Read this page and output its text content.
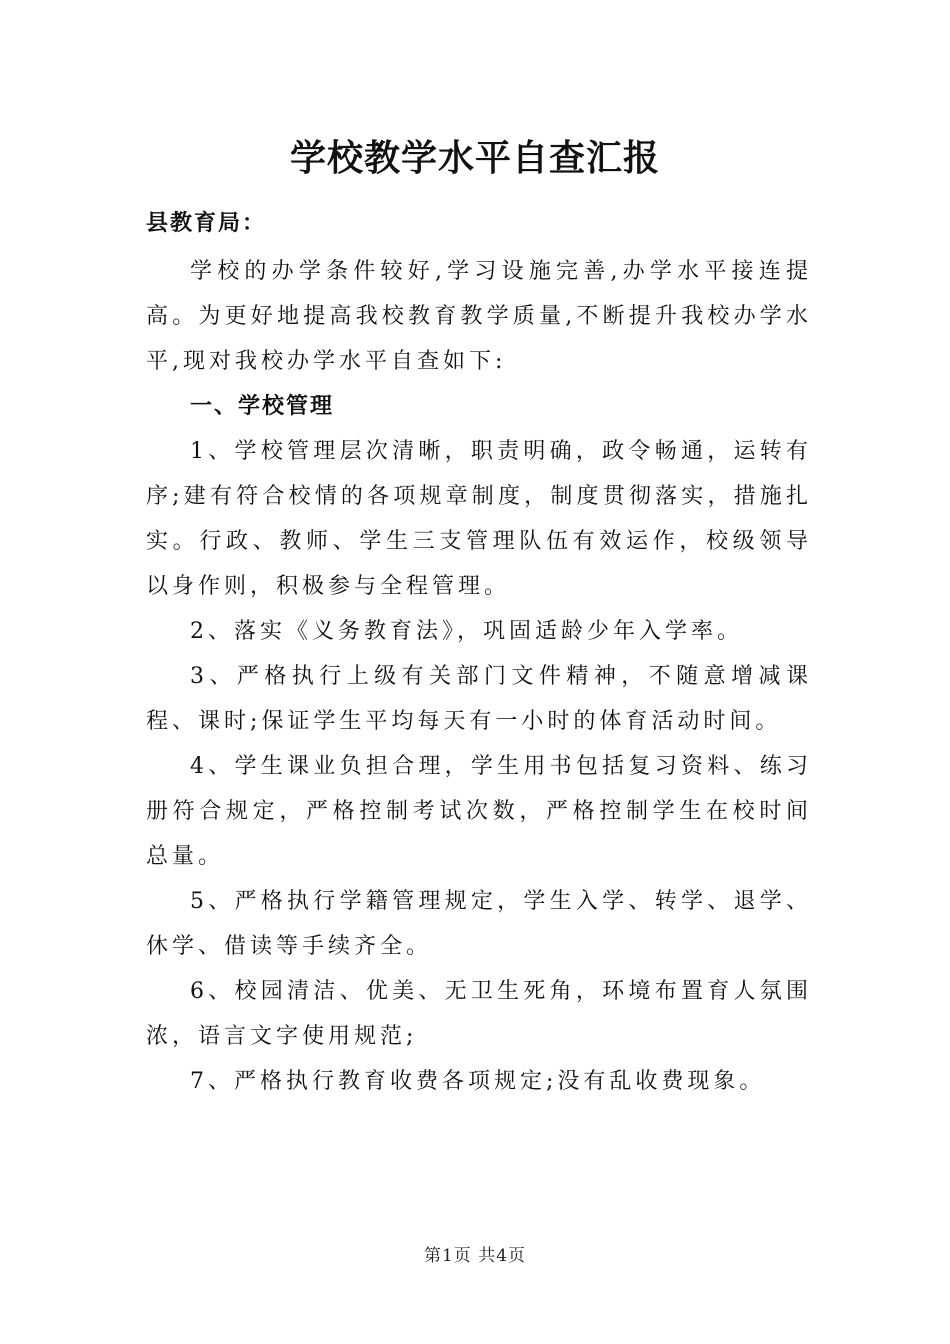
学校教学水平自查汇报
县教育局：

学校的办学条件较好,学习设施完善,办学水平接连提高。为更好地提高我校教育教学质量,不断提升我校办学水平,现对我校办学水平自查如下:

一、学校管理

1、学校管理层次清晰，职责明确，政令畅通，运转有序;建有符合校情的各项规章制度，制度贯彻落实，措施扎实。行政、教师、学生三支管理队伍有效运作，校级领导以身作则，积极参与全程管理。

2、落实《义务教育法》，巩固适龄少年入学率。

3、严格执行上级有关部门文件精神，不随意增减课程、课时;保证学生平均每天有一小时的体育活动时间。

4、学生课业负担合理，学生用书包括复习资料、练习册符合规定，严格控制考试次数，严格控制学生在校时间总量。

5、严格执行学籍管理规定，学生入学、转学、退学、休学、借读等手续齐全。

6、校园清洁、优美、无卫生死角，环境布置育人氛围浓，语言文字使用规范;

7、严格执行教育收费各项规定;没有乱收费现象。

第1页 共4页
